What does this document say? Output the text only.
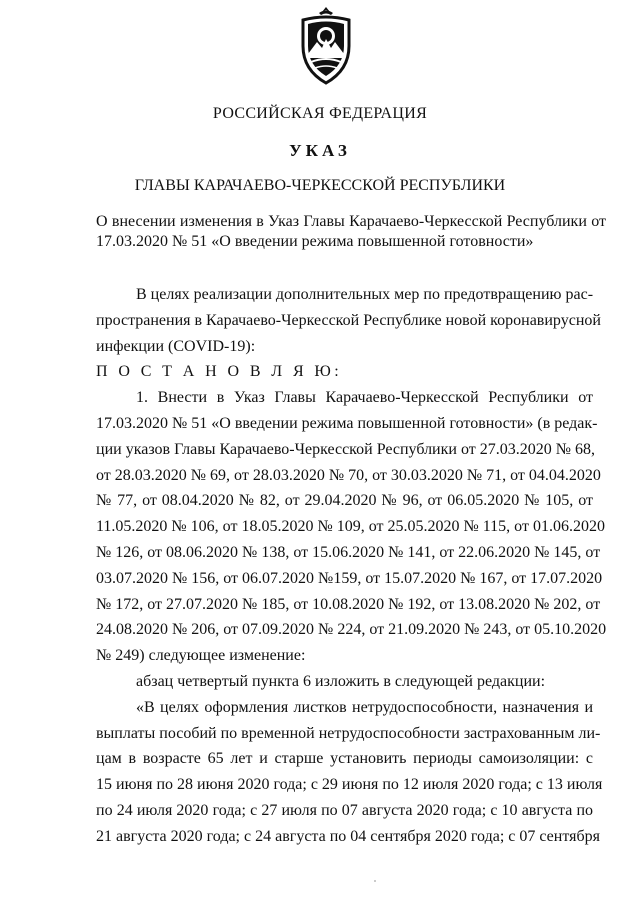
РОССИЙСКАЯ ФЕДЕРАЦИЯ
УКАЗ
ГЛАВЫ КАРАЧАЕВО-ЧЕРКЕССКОЙ РЕСПУБЛИКИ
О внесении изменения в Указ Главы Карачаево-Черкесской Республики от
17.03.2020 № 51 «О введении режима повышенной готовности»
В целях реализации дополнительных мер по предотвращению рас-
пространения в Карачаево-Черкесской Республике новой коронавирусной
инфекции (COVID-19):
П О С Т А Н О В Л Я Ю:
1. Внести в Указ Главы Карачаево-Черкесской Республики от
17.03.2020 № 51 «О введении режима повышенной готовности» (в редак-
ции указов Главы Карачаево-Черкесской Республики от 27.03.2020 № 68,
от 28.03.2020 № 69, от 28.03.2020 № 70, от 30.03.2020 № 71, от 04.04.2020
№ 77, от 08.04.2020 № 82, от 29.04.2020 № 96, от 06.05.2020 № 105, от
11.05.2020 № 106, от 18.05.2020 № 109, от 25.05.2020 № 115, от 01.06.2020
№ 126, от 08.06.2020 № 138, от 15.06.2020 № 141, от 22.06.2020 № 145, от
03.07.2020 № 156, от 06.07.2020 №159, от 15.07.2020 № 167, от 17.07.2020
№ 172, от 27.07.2020 № 185, от 10.08.2020 № 192, от 13.08.2020 № 202, от
24.08.2020 № 206, от 07.09.2020 № 224, от 21.09.2020 № 243, от 05.10.2020
№ 249) следующее изменение:
абзац четвертый пункта 6 изложить в следующей редакции:
«В целях оформления листков нетрудоспособности, назначения и
выплаты пособий по временной нетрудоспособности застрахованным ли-
цам в возрасте 65 лет и старше установить периоды самоизоляции: с
15 июня по 28 июня 2020 года; с 29 июня по 12 июля 2020 года; с 13 июля
по 24 июля 2020 года; с 27 июля по 07 августа 2020 года; с 10 августа по
21 августа 2020 года; с 24 августа по 04 сентября 2020 года; с 07 сентября
